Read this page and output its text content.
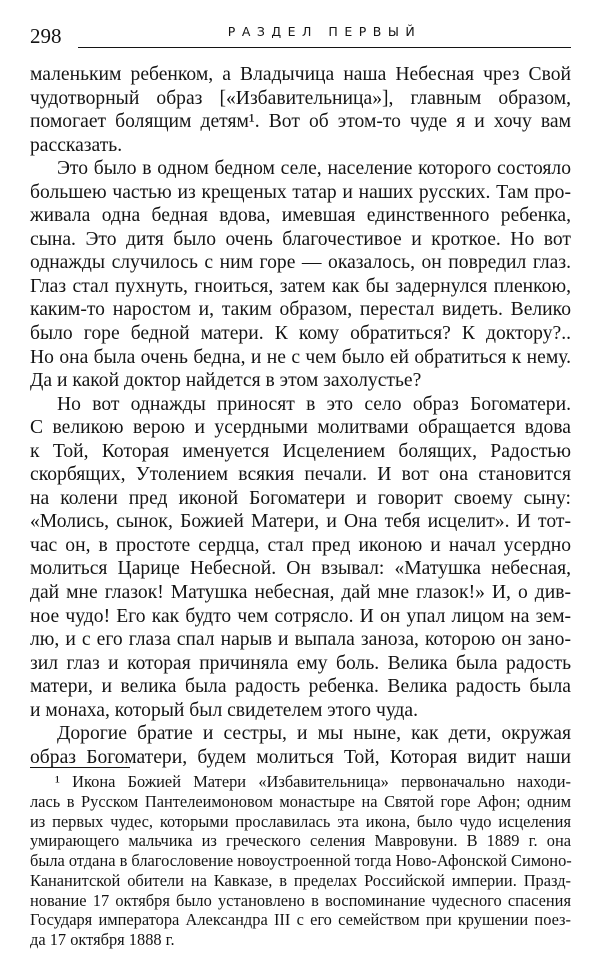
298	РАЗДЕЛ ПЕРВЫЙ
маленьким ребенком, а Владычица наша Небесная чрез Свой
чудотворный образ [«Избавительница»], главным образом,
помогает болящим детям¹. Вот об этом-то чуде я и хочу вам
рассказать.
Это было в одном бедном селе, население которого состояло
большею частью из крещеных татар и наших русских. Там про-
живала одна бедная вдова, имевшая единственного ребенка,
сына. Это дитя было очень благочестивое и кроткое. Но вот
однажды случилось с ним горе — оказалось, он повредил глаз.
Глаз стал пухнуть, гноиться, затем как бы задернулся пленкою,
каким-то наростом и, таким образом, перестал видеть. Велико
было горе бедной матери. К кому обратиться? К доктору?..
Но она была очень бедна, и не с чем было ей обратиться к нему.
Да и какой доктор найдется в этом захолустье?
Но вот однажды приносят в это село образ Богоматери.
С великою верою и усердными молитвами обращается вдова
к Той, Которая именуется Исцелением болящих, Радостью
скорбящих, Утолением всякия печали. И вот она становится
на колени пред иконой Богоматери и говорит своему сыну:
«Молись, сынок, Божией Матери, и Она тебя исцелит». И тот-
час он, в простоте сердца, стал пред иконою и начал усердно
молиться Царице Небесной. Он взывал: «Матушка небесная,
дай мне глазок! Матушка небесная, дай мне глазок!» И, о див-
ное чудо! Его как будто чем сотрясло. И он упал лицом на зем-
лю, и с его глаза спал нарыв и выпала заноза, которою он зано-
зил глаз и которая причиняла ему боль. Велика была радость
матери, и велика была радость ребенка. Велика радость была
и монаха, который был свидетелем этого чуда.
Дорогие братие и сестры, и мы ныне, как дети, окружая
образ Богоматери, будем молиться Той, Которая видит наши
¹ Икона Божией Матери «Избавительница» первоначально находи-
лась в Русском Пантелеимоновом монастыре на Святой горе Афон; одним
из первых чудес, которыми прославилась эта икона, было чудо исцеления
умирающего мальчика из греческого селения Мавровуни. В 1889 г. она
была отдана в благословение новоустроенной тогда Ново-Афонской Симоно-
Кананитской обители на Кавказе, в пределах Российской империи. Празд-
нование 17 октября было установлено в воспоминание чудесного спасения
Государя императора Александра III с его семейством при крушении поез-
да 17 октября 1888 г.
